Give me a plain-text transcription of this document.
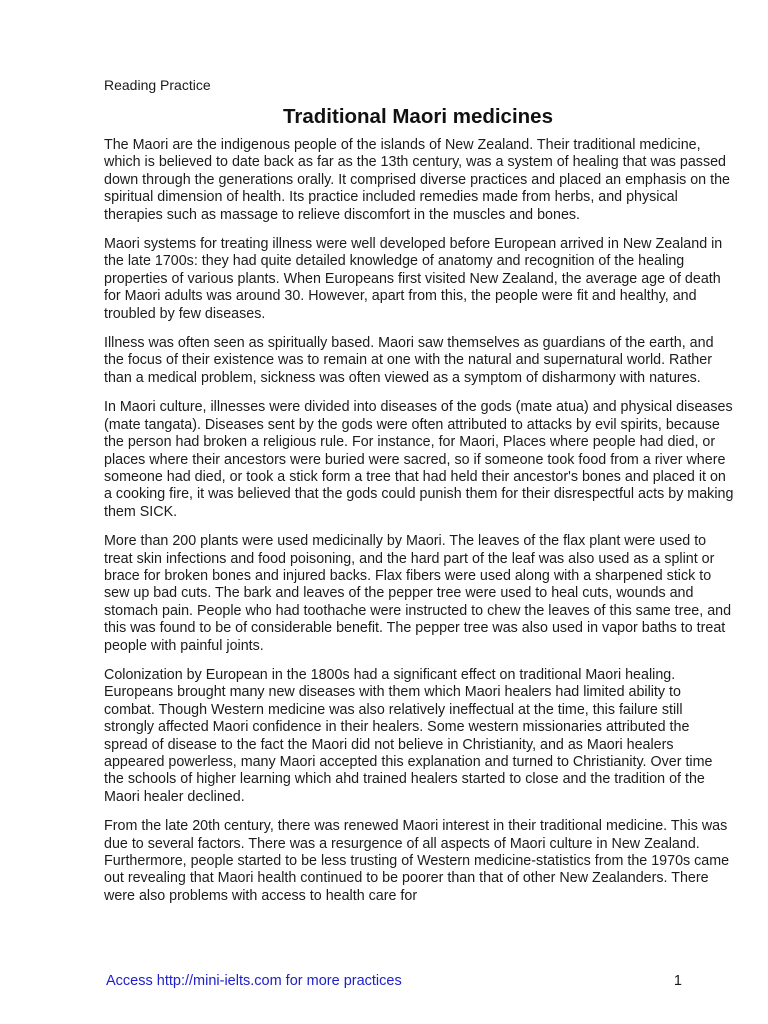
Reading Practice
Traditional Maori medicines

The Maori are the indigenous people of the islands of New Zealand. Their traditional medicine, which is believed to date back as far as the 13th century, was a system of healing that was passed down through the generations orally. It comprised diverse practices and placed an emphasis on the spiritual dimension of health. Its practice included remedies made from herbs, and physical therapies such as massage to relieve discomfort in the muscles and bones.

Maori systems for treating illness were well developed before European arrived in New Zealand in the late 1700s: they had quite detailed knowledge of anatomy and recognition of the healing properties of various plants. When Europeans first visited New Zealand, the average age of death for Maori adults was around 30. However, apart from this, the people were fit and healthy, and troubled by few diseases.

Illness was often seen as spiritually based. Maori saw themselves as guardians of the earth, and the focus of their existence was to remain at one with the natural and supernatural world. Rather than a medical problem, sickness was often viewed as a symptom of disharmony with natures.

In Maori culture, illnesses were divided into diseases of the gods (mate atua) and physical diseases (mate tangata). Diseases sent by the gods were often attributed to attacks by evil spirits, because the person had broken a religious rule. For instance, for Maori, Places where people had died, or places where their ancestors were buried were sacred, so if someone took food from a river where someone had died, or took a stick form a tree that had held their ancestor's bones and placed it on a cooking fire, it was believed that the gods could punish them for their disrespectful acts by making them SICK.

More than 200 plants were used medicinally by Maori. The leaves of the flax plant were used to treat skin infections and food poisoning, and the hard part of the leaf was also used as a splint or brace for broken bones and injured backs. Flax fibers were used along with a sharpened stick to sew up bad cuts. The bark and leaves of the pepper tree were used to heal cuts, wounds and stomach pain. People who had toothache were instructed to chew the leaves of this same tree, and this was found to be of considerable benefit. The pepper tree was also used in vapor baths to treat people with painful joints.

Colonization by European in the 1800s had a significant effect on traditional Maori healing. Europeans brought many new diseases with them which Maori healers had limited ability to combat. Though Western medicine was also relatively ineffectual at the time, this failure still strongly affected Maori confidence in their healers. Some western missionaries attributed the spread of disease to the fact the Maori did not believe in Christianity, and as Maori healers appeared powerless, many Maori accepted this explanation and turned to Christianity. Over time the schools of higher learning which ahd trained healers started to close and the tradition of the Maori healer declined.

From the late 20th century, there was renewed Maori interest in their traditional medicine. This was due to several factors. There was a resurgence of all aspects of Maori culture in New Zealand. Furthermore, people started to be less trusting of Western medicine-statistics from the 1970s came out revealing that Maori health continued to be poorer than that of other New Zealanders. There were also problems with access to health care for

Access http://mini-ielts.com for more practices	1
